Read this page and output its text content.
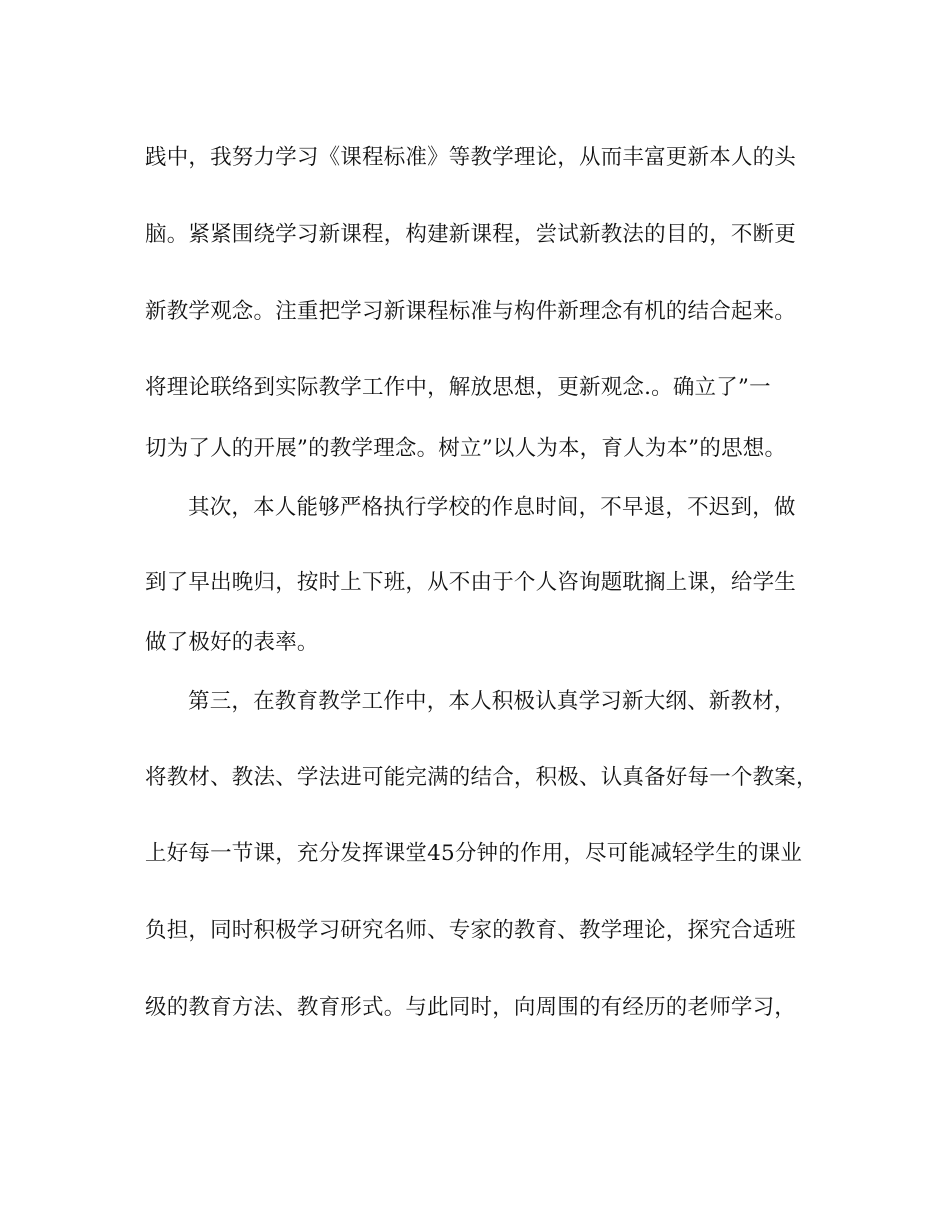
践中，我努力学习《课程标准》等教学理论，从而丰富更新本人的头
脑。紧紧围绕学习新课程，构建新课程，尝试新教法的目的，不断更
新教学观念。注重把学习新课程标准与构件新理念有机的结合起来。
将理论联络到实际教学工作中，解放思想，更新观念.。确立了”一
切为了人的开展”的教学理念。树立”以人为本，育人为本”的思想。
其次，本人能够严格执行学校的作息时间，不早退，不迟到，做
到了早出晚归，按时上下班，从不由于个人咨询题耽搁上课，给学生
做了极好的表率。
第三，在教育教学工作中，本人积极认真学习新大纲、新教材，
将教材、教法、学法进可能完满的结合，积极、认真备好每一个教案，
上好每一节课，充分发挥课堂45分钟的作用，尽可能减轻学生的课业
负担，同时积极学习研究名师、专家的教育、教学理论，探究合适班
级的教育方法、教育形式。与此同时，向周围的有经历的老师学习，
